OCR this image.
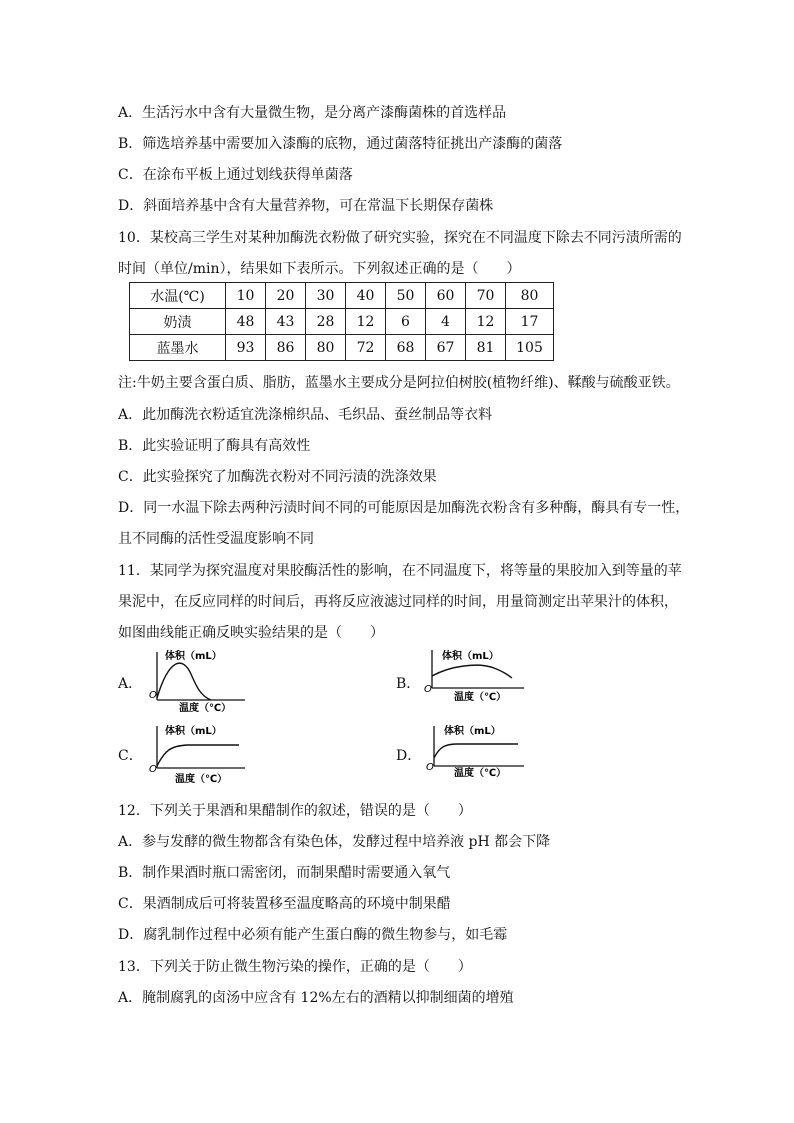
A．生活污水中含有大量微生物，是分离产漆酶菌株的首选样品
B．筛选培养基中需要加入漆酶的底物，通过菌落特征挑出产漆酶的菌落
C．在涂布平板上通过划线获得单菌落
D．斜面培养基中含有大量营养物，可在常温下长期保存菌株
10．某校高三学生对某种加酶洗衣粉做了研究实验，探究在不同温度下除去不同污渍所需的
时间（单位/min），结果如下表所示。下列叙述正确的是（　　）
水温(℃)	10	20	30	40	50	60	70	80
奶渍	48	43	28	12	6	4	12	17
蓝墨水	93	86	80	72	68	67	81	105
注:牛奶主要含蛋白质、脂肪，蓝墨水主要成分是阿拉伯树胶(植物纤维)、鞣酸与硫酸亚铁。
A．此加酶洗衣粉适宜洗涤棉织品、毛织品、蚕丝制品等衣料
B．此实验证明了酶具有高效性
C．此实验探究了加酶洗衣粉对不同污渍的洗涤效果
D．同一水温下除去两种污渍时间不同的可能原因是加酶洗衣粉含有多种酶，酶具有专一性，
且不同酶的活性受温度影响不同
11．某同学为探究温度对果胶酶活性的影响，在不同温度下，将等量的果胶加入到等量的苹
果泥中，在反应同样的时间后，再将反应液滤过同样的时间，用量筒测定出苹果汁的体积，
如图曲线能正确反映实验结果的是（　　）
A．
O
体积（mL）
温度（℃）
B． O
体积（mL）
温度（℃）
C．
O
体积（mL）
温度（℃）
D．
O
体积（mL）
温度（℃）
12．下列关于果酒和果醋制作的叙述，错误的是（　　）
A．参与发酵的微生物都含有染色体，发酵过程中培养液 pH 都会下降
B．制作果酒时瓶口需密闭，而制果醋时需要通入氧气
C．果酒制成后可将装置移至温度略高的环境中制果醋
D．腐乳制作过程中必须有能产生蛋白酶的微生物参与，如毛霉
13．下列关于防止微生物污染的操作，正确的是（　　）
A．腌制腐乳的卤汤中应含有 12%左右的酒精以抑制细菌的增殖
